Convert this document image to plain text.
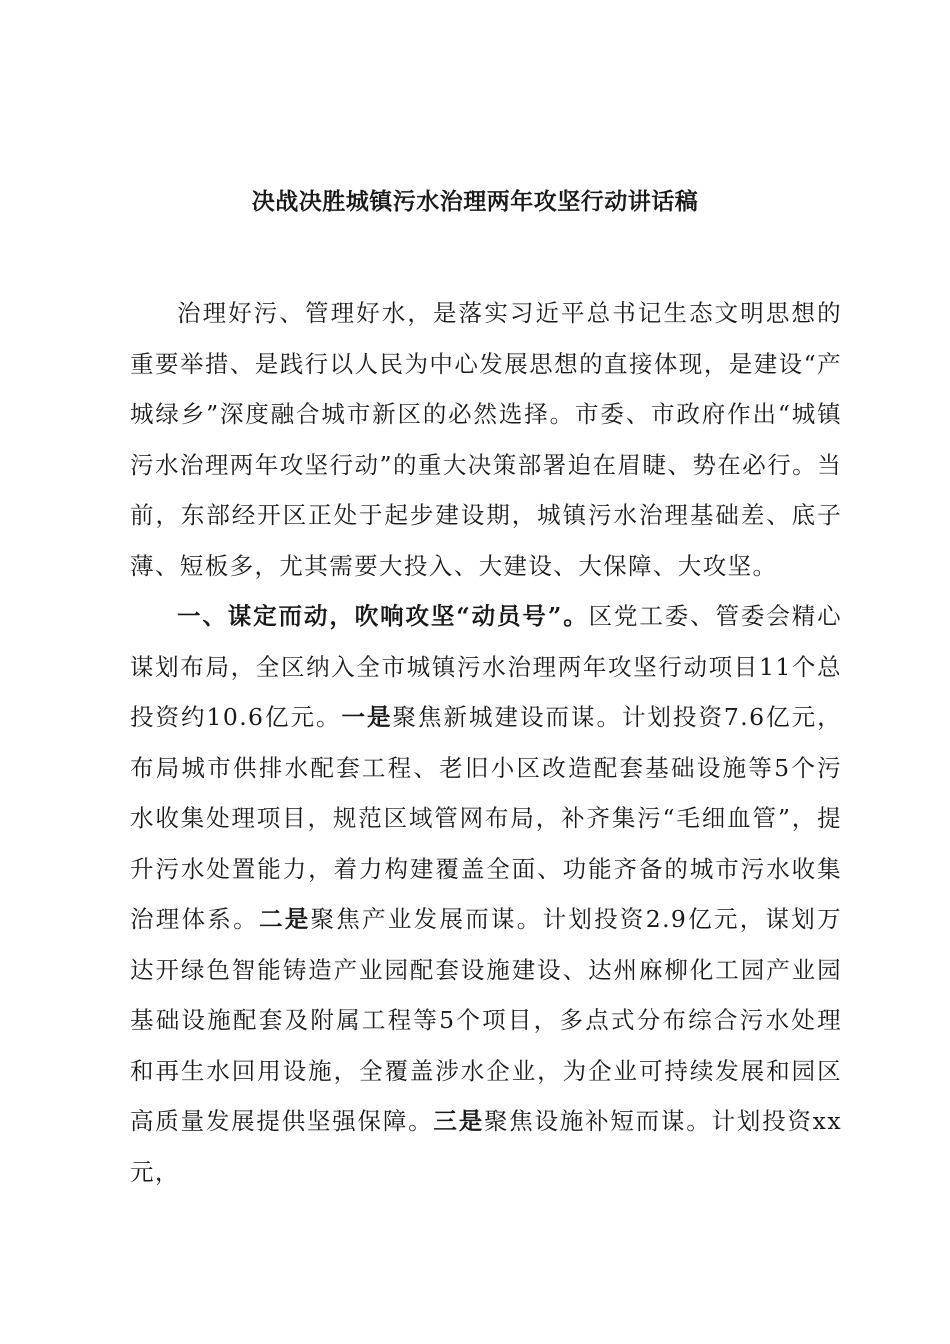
决战决胜城镇污水治理两年攻坚行动讲话稿

治理好污、管理好水，是落实习近平总书记生态文明思想的重要举措、是践行以人民为中心发展思想的直接体现，是建设“产城绿乡”深度融合城市新区的必然选择。市委、市政府作出“城镇污水治理两年攻坚行动”的重大决策部署迫在眉睫、势在必行。当前，东部经开区正处于起步建设期，城镇污水治理基础差、底子薄、短板多，尤其需要大投入、大建设、大保障、大攻坚。

一、谋定而动，吹响攻坚“动员号”。区党工委、管委会精心谋划布局，全区纳入全市城镇污水治理两年攻坚行动项目11个总投资约10.6亿元。一是聚焦新城建设而谋。计划投资7.6亿元，布局城市供排水配套工程、老旧小区改造配套基础设施等5个污水收集处理项目，规范区域管网布局，补齐集污“毛细血管”，提升污水处置能力，着力构建覆盖全面、功能齐备的城市污水收集治理体系。二是聚焦产业发展而谋。计划投资2.9亿元，谋划万达开绿色智能铸造产业园配套设施建设、达州麻柳化工园产业园基础设施配套及附属工程等5个项目，多点式分布综合污水处理和再生水回用设施，全覆盖涉水企业，为企业可持续发展和园区高质量发展提供坚强保障。三是聚焦设施补短而谋。计划投资xx元，
